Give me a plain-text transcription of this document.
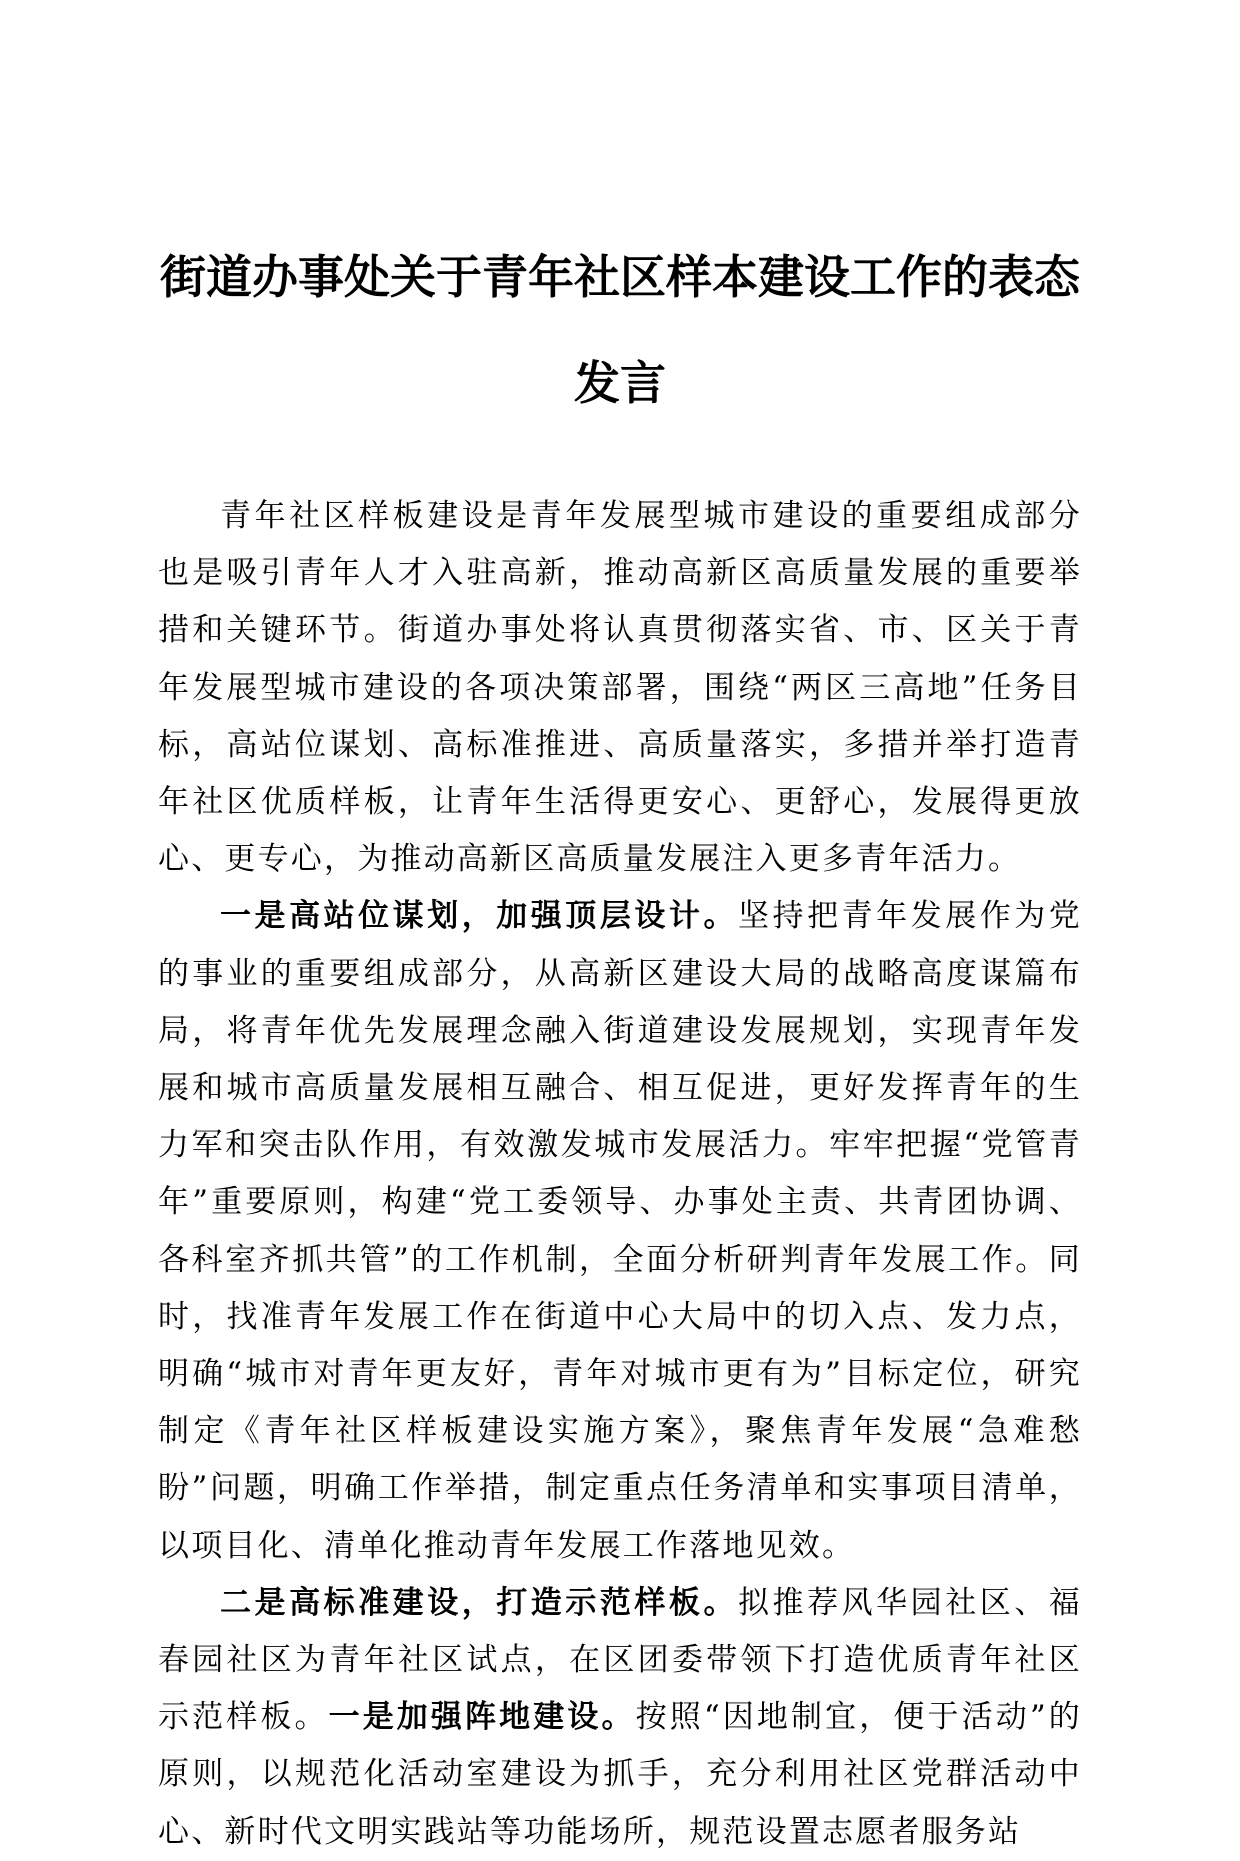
街道办事处关于青年社区样本建设工作的表态
发言

青年社区样板建设是青年发展型城市建设的重要组成部分也是吸引青年人才入驻高新，推动高新区高质量发展的重要举措和关键环节。街道办事处将认真贯彻落实省、市、区关于青年发展型城市建设的各项决策部署，围绕“两区三高地”任务目标，高站位谋划、高标准推进、高质量落实，多措并举打造青年社区优质样板，让青年生活得更安心、更舒心，发展得更放心、更专心，为推动高新区高质量发展注入更多青年活力。

一是高站位谋划，加强顶层设计。坚持把青年发展作为党的事业的重要组成部分，从高新区建设大局的战略高度谋篇布局，将青年优先发展理念融入街道建设发展规划，实现青年发展和城市高质量发展相互融合、相互促进，更好发挥青年的生力军和突击队作用，有效激发城市发展活力。牢牢把握“党管青年”重要原则，构建“党工委领导、办事处主责、共青团协调、各科室齐抓共管”的工作机制，全面分析研判青年发展工作。同时，找准青年发展工作在街道中心大局中的切入点、发力点，明确“城市对青年更友好，青年对城市更有为”目标定位，研究制定《青年社区样板建设实施方案》，聚焦青年发展“急难愁盼”问题，明确工作举措，制定重点任务清单和实事项目清单，以项目化、清单化推动青年发展工作落地见效。

二是高标准建设，打造示范样板。拟推荐风华园社区、福春园社区为青年社区试点，在区团委带领下打造优质青年社区示范样板。一是加强阵地建设。按照“因地制宜，便于活动”的原则，以规范化活动室建设为抓手，充分利用社区党群活动中心、新时代文明实践站等功能场所，规范设置志愿者服务站
